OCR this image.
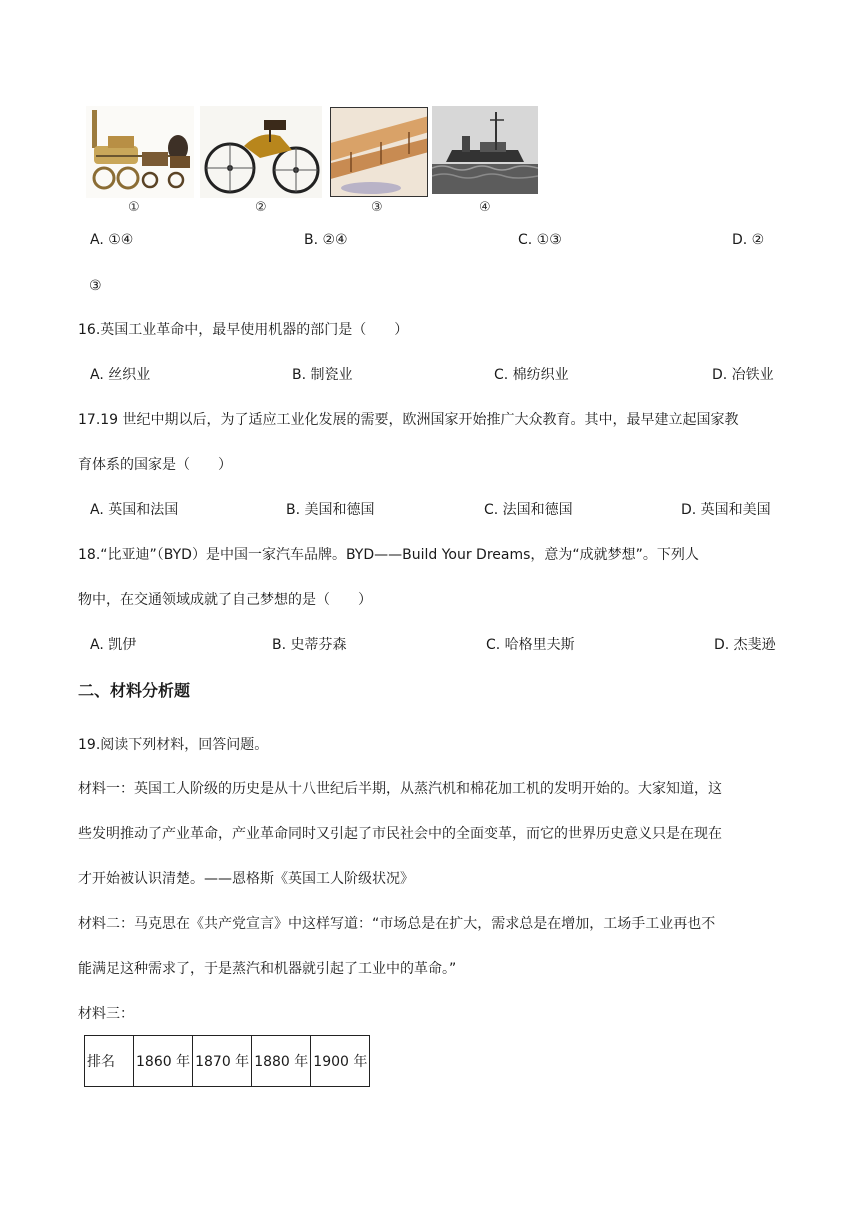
①	②	③	④
A. ①④	B. ②④	C. ①③	D. ②
③
16.英国工业革命中，最早使用机器的部门是（　　）
A. 丝织业	B. 制瓷业	C. 棉纺织业	D. 冶铁业
17.19 世纪中期以后，为了适应工业化发展的需要，欧洲国家开始推广大众教育。其中，最早建立起国家教
育体系的国家是（　　）
A. 英国和法国	B. 美国和德国	C. 法国和德国	D. 英国和美国
18.“比亚迪”（BYD）是中国一家汽车品牌。BYD——Build Your Dreams，意为“成就梦想”。下列人
物中，在交通领域成就了自己梦想的是（　　）
A. 凯伊	B. 史蒂芬森	C. 哈格里夫斯	D. 杰斐逊
二、材料分析题
19.阅读下列材料，回答问题。
材料一：英国工人阶级的历史是从十八世纪后半期，从蒸汽机和棉花加工机的发明开始的。大家知道，这
些发明推动了产业革命，产业革命同时又引起了市民社会中的全面变革，而它的世界历史意义只是在现在
才开始被认识清楚。——恩格斯《英国工人阶级状况》
材料二：马克思在《共产党宣言》中这样写道：“市场总是在扩大，需求总是在增加，工场手工业再也不
能满足这种需求了，于是蒸汽和机器就引起了工业中的革命。”
材料三：
排名	1860 年	1870 年	1880 年	1900 年
